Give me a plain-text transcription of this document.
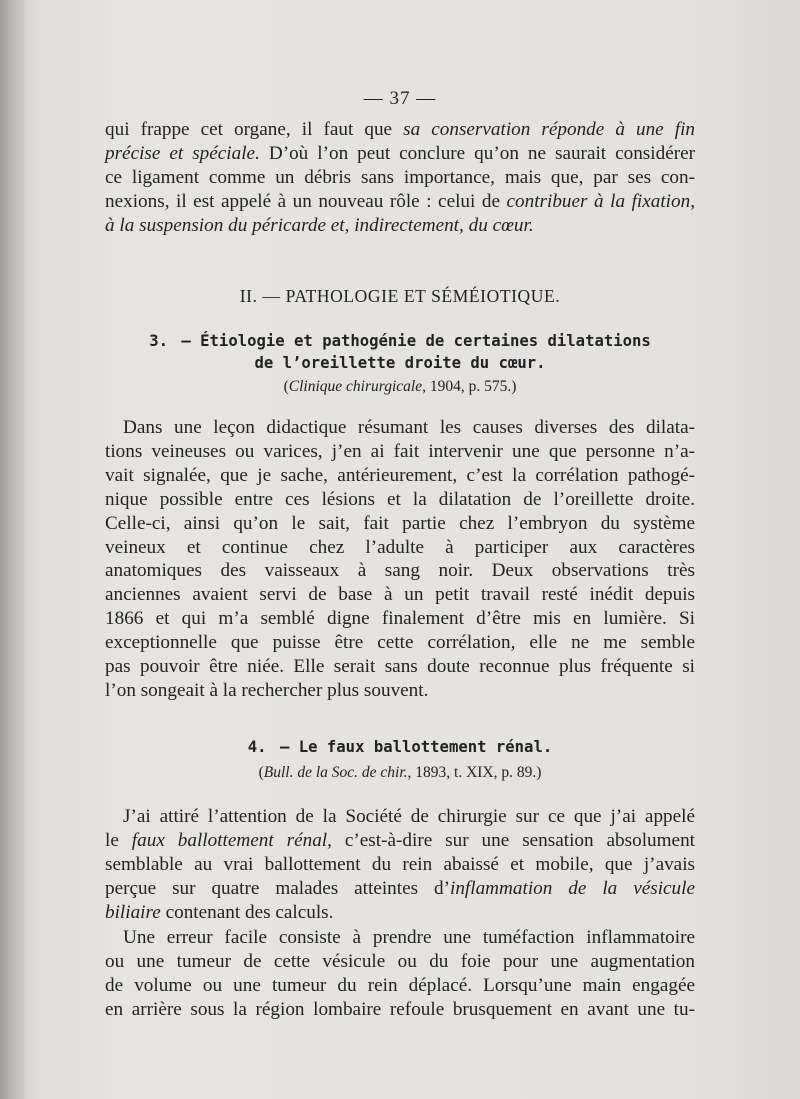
— 37 —
qui frappe cet organe, il faut que sa conservation réponde à une fin
précise et spéciale. D’où l’on peut conclure qu’on ne saurait considérer
ce ligament comme un débris sans importance, mais que, par ses con-
nexions, il est appelé à un nouveau rôle : celui de contribuer à la fixation,
à la suspension du péricarde et, indirectement, du cœur.
II. — PATHOLOGIE ET SÉMÉIOTIQUE.
3. — Étiologie et pathogénie de certaines dilatations
de l’oreillette droite du cœur.
(Clinique chirurgicale, 1904, p. 575.)
Dans une leçon didactique résumant les causes diverses des dilata-
tions veineuses ou varices, j’en ai fait intervenir une que personne n’a-
vait signalée, que je sache, antérieurement, c’est la corrélation pathogé-
nique possible entre ces lésions et la dilatation de l’oreillette droite.
Celle-ci, ainsi qu’on le sait, fait partie chez l’embryon du système
veineux et continue chez l’adulte à participer aux caractères
anatomiques des vaisseaux à sang noir. Deux observations très
anciennes avaient servi de base à un petit travail resté inédit depuis
1866 et qui m’a semblé digne finalement d’être mis en lumière. Si
exceptionnelle que puisse être cette corrélation, elle ne me semble
pas pouvoir être niée. Elle serait sans doute reconnue plus fréquente si
l’on songeait à la rechercher plus souvent.
4. — Le faux ballottement rénal.
(Bull. de la Soc. de chir., 1893, t. XIX, p. 89.)
J’ai attiré l’attention de la Société de chirurgie sur ce que j’ai appelé
le faux ballottement rénal, c’est-à-dire sur une sensation absolument
semblable au vrai ballottement du rein abaissé et mobile, que j’avais
perçue sur quatre malades atteintes d’inflammation de la vésicule
biliaire contenant des calculs.
Une erreur facile consiste à prendre une tuméfaction inflammatoire
ou une tumeur de cette vésicule ou du foie pour une augmentation
de volume ou une tumeur du rein déplacé. Lorsqu’une main engagée
en arrière sous la région lombaire refoule brusquement en avant une tu-
